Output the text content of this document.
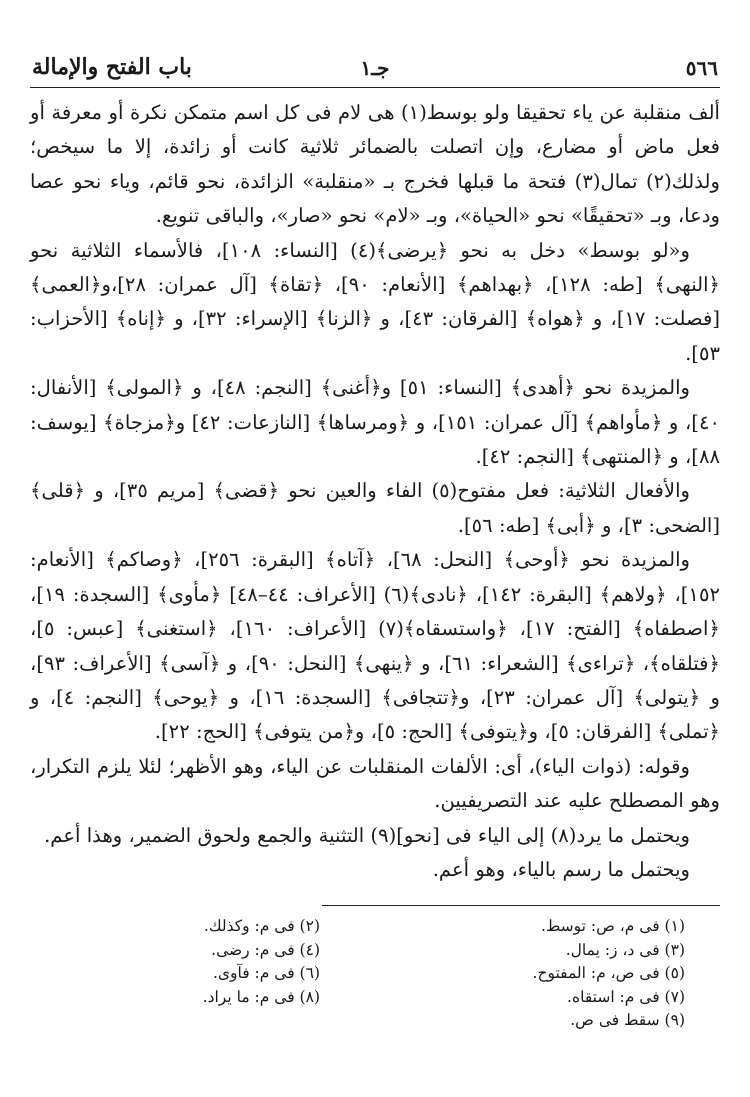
٥٦٦
جـ١
باب الفتح والإمالة

ألف منقلبة عن ياء تحقيقا ولو بوسط(١) هى لام فى كل اسم متمكن نكرة أو معرفة أو فعل ماض أو مضارع، وإن اتصلت بالضمائر ثلاثية كانت أو زائدة، إلا ما سيخص؛ ولذلك(٢) تمال(٣) فتحة ما قبلها فخرج بـ «منقلبة» الزائدة، نحو قائم، وياء نحو عصا ودعا، وبـ «تحقيقًا» نحو «الحياة»، وبـ «لام» نحو «صار»، والباقى تنويع.

و«لو بوسط» دخل به نحو ﴿يرضى﴾(٤) [النساء: ١٠٨]، فالأسماء الثلاثية نحو ﴿النهى﴾ [طه: ١٢٨]، ﴿بهداهم﴾ [الأنعام: ٩٠]، ﴿تقاة﴾ [آل عمران: ٢٨]،و﴿العمى﴾ [فصلت: ١٧]، و ﴿هواه﴾ [الفرقان: ٤٣]، و ﴿الزنا﴾ [الإسراء: ٣٢]، و ﴿إناه﴾ [الأحزاب: ٥٣].

والمزيدة نحو ﴿أهدى﴾ [النساء: ٥١] و﴿أغنى﴾ [النجم: ٤٨]، و ﴿المولى﴾ [الأنفال: ٤٠]، و ﴿مأواهم﴾ [آل عمران: ١٥١]، و ﴿ومرساها﴾ [النازعات: ٤٢] و﴿مزجاة﴾ [يوسف: ٨٨]، و ﴿المنتهى﴾ [النجم: ٤٢].

والأفعال الثلاثية: فعل مفتوح(٥) الفاء والعين نحو ﴿قضى﴾ [مريم ٣٥]، و ﴿قلى﴾ [الضحى: ٣]، و ﴿أبى﴾ [طه: ٥٦].

والمزيدة نحو ﴿أوحى﴾ [النحل: ٦٨]، ﴿آتاه﴾ [البقرة: ٢٥٦]، ﴿وصاكم﴾ [الأنعام: ١٥٢]، ﴿ولاهم﴾ [البقرة: ١٤٢]، ﴿نادى﴾(٦) [الأعراف: ٤٤–٤٨] ﴿مأوى﴾ [السجدة: ١٩]، ﴿اصطفاه﴾ [الفتح: ١٧]، ﴿واستسقاه﴾(٧) [الأعراف: ١٦٠]، ﴿استغنى﴾ [عبس: ٥]، ﴿فتلقاه﴾، ﴿تراءى﴾ [الشعراء: ٦١]، و ﴿ينهى﴾ [النحل: ٩٠]، و ﴿آسى﴾ [الأعراف: ٩٣]، و ﴿يتولى﴾ [آل عمران: ٢٣]، و﴿تتجافى﴾ [السجدة: ١٦]، و ﴿يوحى﴾ [النجم: ٤]، و ﴿تملى﴾ [الفرقان: ٥]، و﴿يتوفى﴾ [الحج: ٥]، و﴿من يتوفى﴾ [الحج: ٢٢].

وقوله: (ذوات الياء)، أى: الألفات المنقلبات عن الياء، وهو الأظهر؛ لئلا يلزم التكرار، وهو المصطلح عليه عند التصريفيين.

ويحتمل ما يرد(٨) إلى الياء فى [نحو](٩) التثنية والجمع ولحوق الضمير، وهذا أعم.

ويحتمل ما رسم بالياء، وهو أعم.

(١) فى م، ص: توسط.
(٣) فى د، ز: يمال.
(٥) فى ص، م: المفتوح.
(٧) فى م: استقاه.
(٩) سقط فى ص.
(٢) فى م: وكذلك.
(٤) فى م: رضى.
(٦) فى م: فآوى.
(٨) فى م: ما يراد.
